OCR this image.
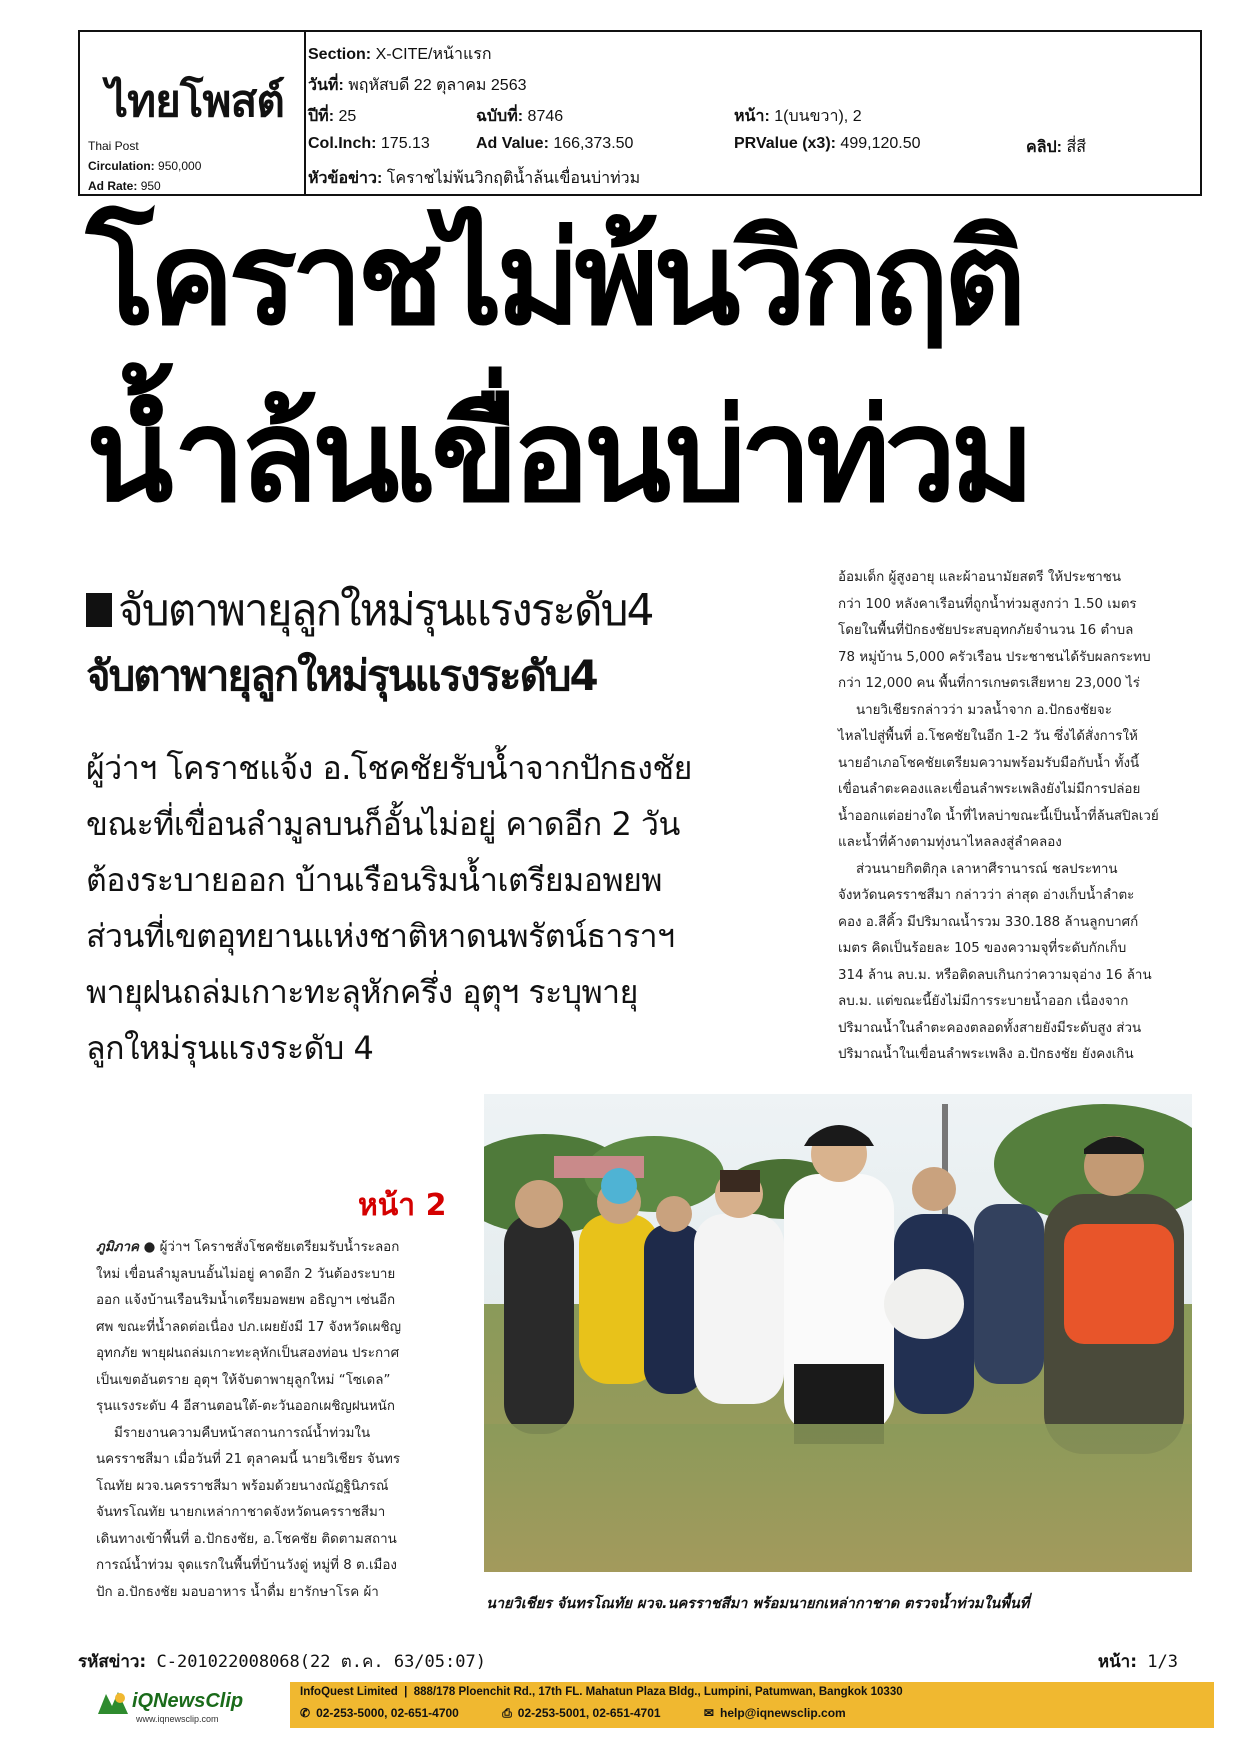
ไทยโพสต์
Thai Post
Circulation: 950,000
Ad Rate: 950
Section: X-CITE/หน้าแรก
วันที่: พฤหัสบดี 22 ตุลาคม 2563
ปีที่: 25	ฉบับที่: 8746	หน้า: 1(บนขวา), 2
Col.Inch: 175.13	Ad Value: 166,373.50	PRValue (x3): 499,120.50	คลิป: สี่สี
หัวข้อข่าว: โคราชไม่พ้นวิกฤติน้ำล้นเขื่อนบ่าท่วม
โคราชไม่พ้นวิกฤติ
น้ำล้นเขื่อนบ่าท่วม
จับตาพายุลูกใหม่รุนแรงระดับ4
จับตาพายุลูกใหม่รุนแรงระดับ4
ผู้ว่าฯ โคราชแจ้ง อ.โชคชัยรับน้ำจากปักธงชัย
ขณะที่เขื่อนลำมูลบนก็อั้นไม่อยู่ คาดอีก 2 วัน
ต้องระบายออก บ้านเรือนริมน้ำเตรียมอพยพ
ส่วนที่เขตอุทยานแห่งชาติหาดนพรัตน์ธาราฯ
พายุฝนถล่มเกาะทะลุหักครึ่ง อุตุฯ ระบุพายุ
ลูกใหม่รุนแรงระดับ 4
อ้อมเด็ก ผู้สูงอายุ และผ้าอนามัยสตรี ให้ประชาชน
กว่า 100 หลังคาเรือนที่ถูกน้ำท่วมสูงกว่า 1.50 เมตร
โดยในพื้นที่ปักธงชัยประสบอุทกภัยจำนวน 16 ตำบล
78 หมู่บ้าน 5,000 ครัวเรือน ประชาชนได้รับผลกระทบ
กว่า 12,000 คน พื้นที่การเกษตรเสียหาย 23,000 ไร่
นายวิเชียรกล่าวว่า มวลน้ำจาก อ.ปักธงชัยจะ
ไหลไปสู่พื้นที่ อ.โชคชัยในอีก 1-2 วัน ซึ่งได้สั่งการให้
นายอำเภอโชคชัยเตรียมความพร้อมรับมือกับน้ำ ทั้งนี้
เขื่อนลำตะคองและเขื่อนลำพระเพลิงยังไม่มีการปล่อย
น้ำออกแต่อย่างใด น้ำที่ไหลบ่าขณะนี้เป็นน้ำที่ล้นสปิลเวย์
และน้ำที่ค้างตามทุ่งนาไหลลงสู่ลำคลอง
ส่วนนายกิตติกุล เลาหาศีรานารณ์ ชลประทาน
จังหวัดนครราชสีมา กล่าวว่า ล่าสุด อ่างเก็บน้ำลำตะ
คอง อ.สีคิ้ว มีปริมาณน้ำรวม 330.188 ล้านลูกบาศก์
เมตร คิดเป็นร้อยละ 105 ของความจุที่ระดับกักเก็บ
314 ล้าน ลบ.ม. หรือติดลบเกินกว่าความจุอ่าง 16 ล้าน
ลบ.ม. แต่ขณะนี้ยังไม่มีการระบายน้ำออก เนื่องจาก
ปริมาณน้ำในลำตะคองตลอดทั้งสายยังมีระดับสูง ส่วน
ปริมาณน้ำในเขื่อนลำพระเพลิง อ.ปักธงชัย ยังคงเกิน
หน้า 2
ภูมิภาค ● ผู้ว่าฯ โคราชสั่งโชคชัยเตรียมรับน้ำระลอก
ใหม่ เขื่อนลำมูลบนอั้นไม่อยู่ คาดอีก 2 วันต้องระบาย
ออก แจ้งบ้านเรือนริมน้ำเตรียมอพยพ อธิญาฯ เซ่นอีก
ศพ ขณะที่น้ำลดต่อเนื่อง ปภ.เผยยังมี 17 จังหวัดเผชิญ
อุทกภัย พายุฝนถล่มเกาะทะลุหักเป็นสองท่อน ประกาศ
เป็นเขตอันตราย อุตุฯ ให้จับตาพายุลูกใหม่ “โซเดล”
รุนแรงระดับ 4 อีสานตอนใต้-ตะวันออกเผชิญฝนหนัก
มีรายงานความคืบหน้าสถานการณ์น้ำท่วมใน
นครราชสีมา เมื่อวันที่ 21 ตุลาคมนี้ นายวิเชียร จันทร
โณทัย ผวจ.นครราชสีมา พร้อมด้วยนางณัฏฐินิภรณ์
จันทรโณทัย นายกเหล่ากาชาดจังหวัดนครราชสีมา
เดินทางเข้าพื้นที่ อ.ปักธงชัย, อ.โชคชัย ติดตามสถาน
การณ์น้ำท่วม จุดแรกในพื้นที่บ้านวังดู่ หมู่ที่ 8 ต.เมือง
ปัก อ.ปักธงชัย มอบอาหาร น้ำดื่ม ยารักษาโรค ผ้า
นายวิเชียร จันทรโณทัย ผวจ.นครราชสีมา พร้อมนายกเหล่ากาชาด ตรวจน้ำท่วมในพื้นที่
รหัสข่าว: C-201022008068(22 ต.ค. 63/05:07)	หน้า: 1/3
iQNewsClip
www.iqnewsclip.com
InfoQuest Limited  |  888/178 Ploenchit Rd., 17th FL. Mahatun Plaza Bldg., Lumpini, Patumwan, Bangkok 10330
✆ 02-253-5000, 02-651-4700	⎙ 02-253-5001, 02-651-4701	✉ help@iqnewsclip.com
